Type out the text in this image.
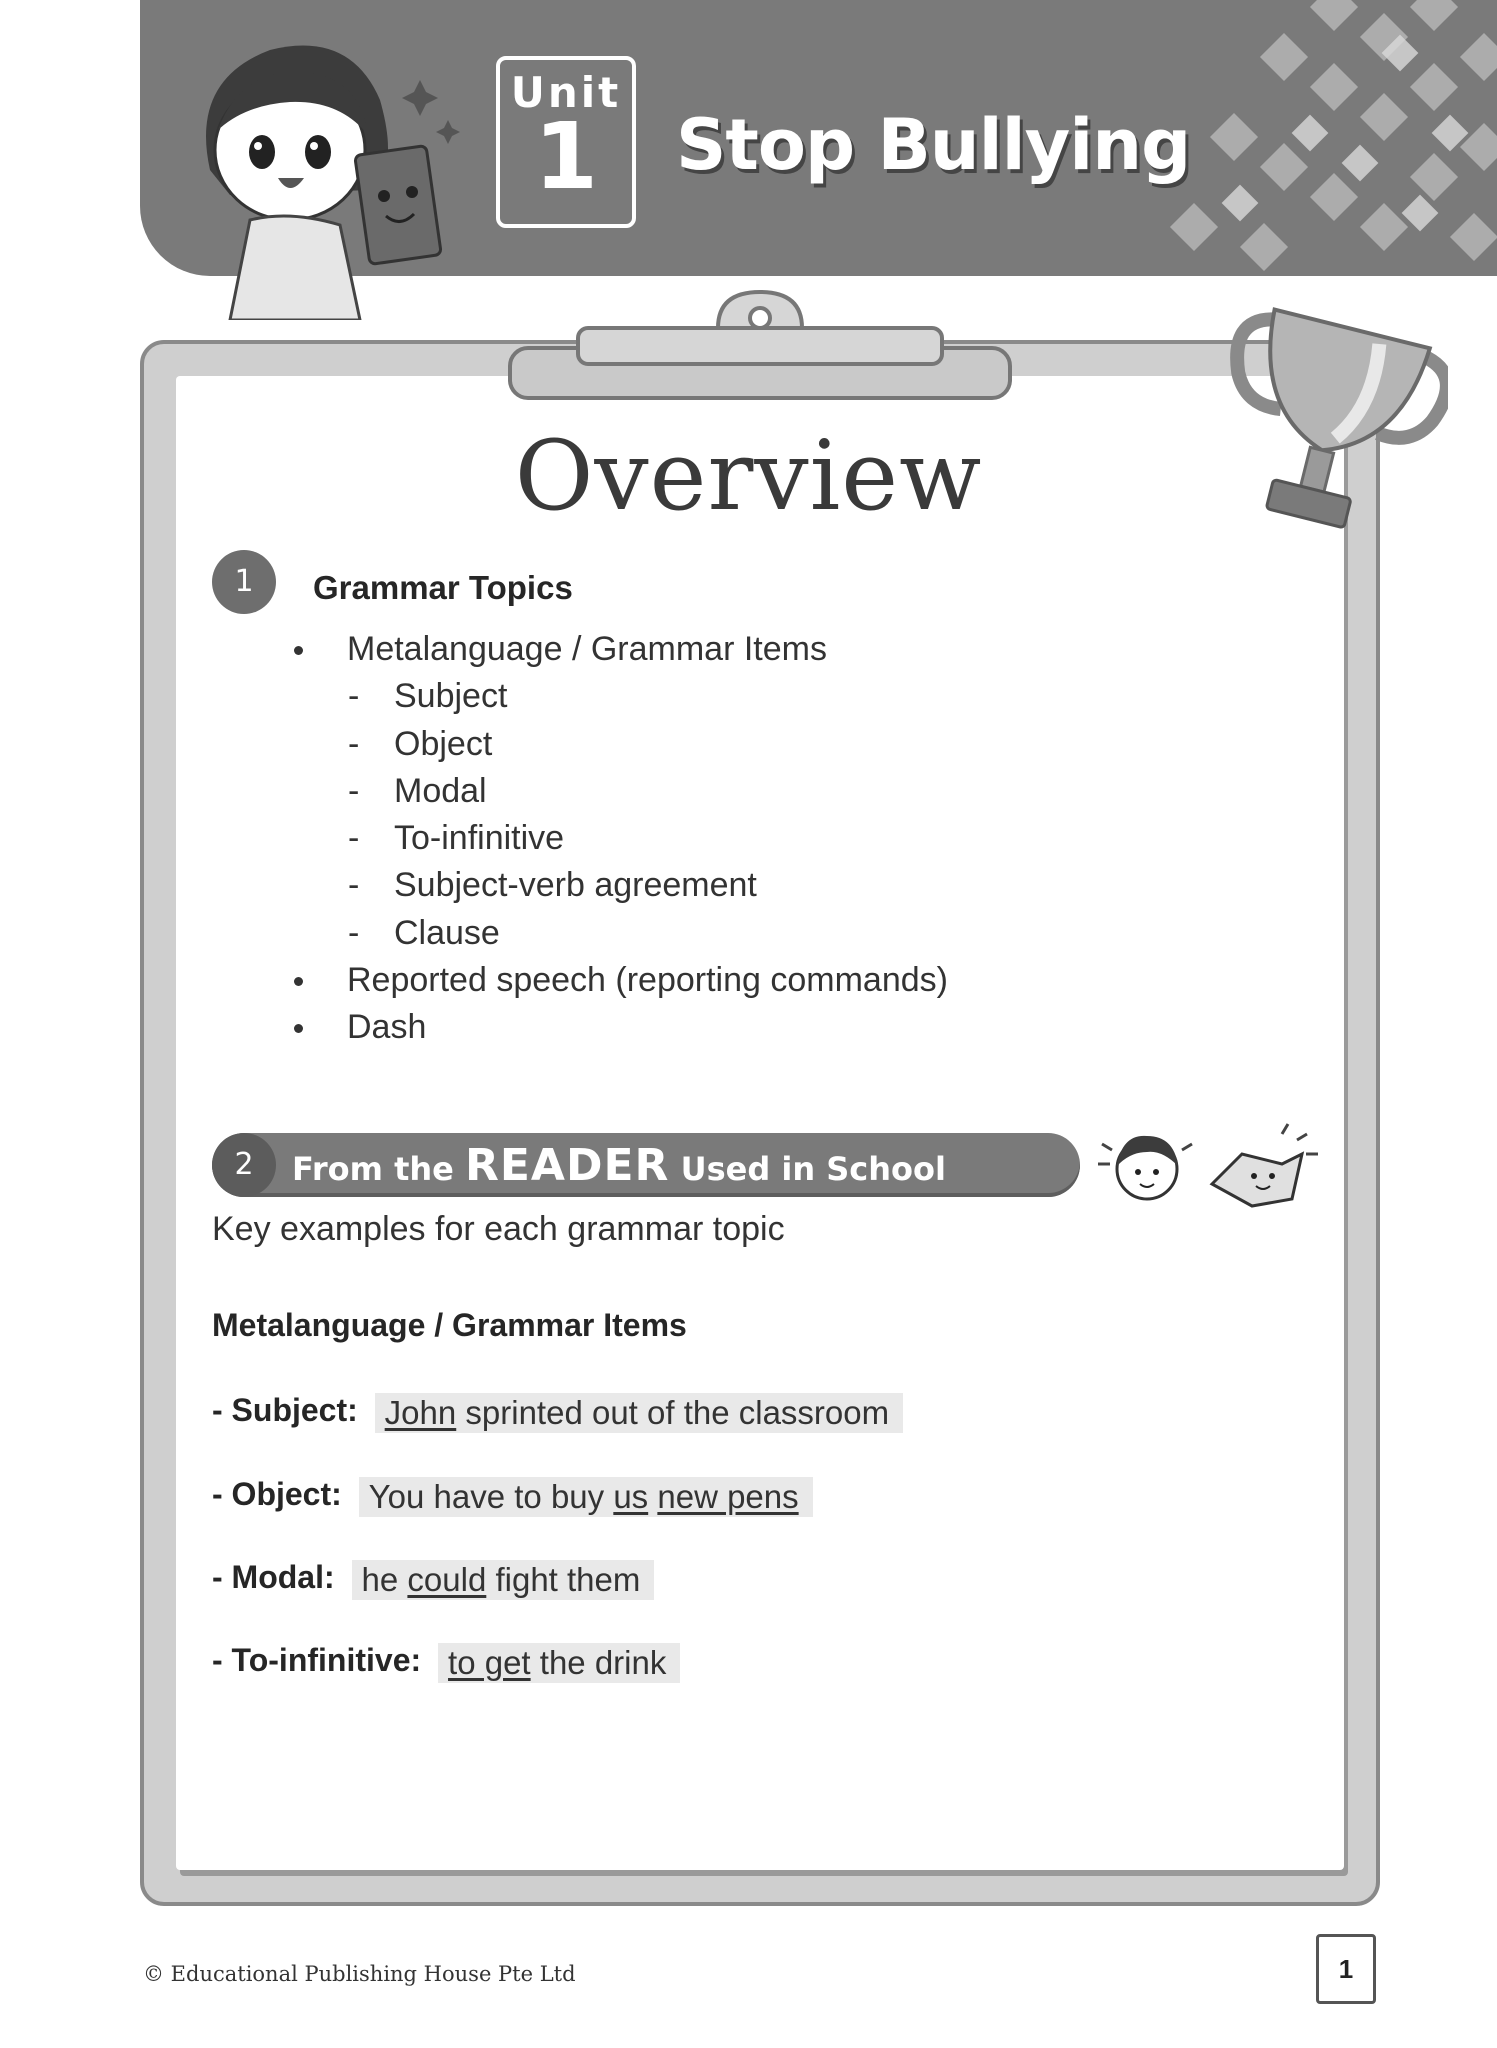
Unit
1	Stop Bullying
Overview
1	Grammar Topics
Metalanguage / Grammar Items
- Subject
- Object
- Modal
- To-infinitive
- Subject-verb agreement
- Clause
Reported speech (reporting commands)
Dash
2	From the READER Used in School
Key examples for each grammar topic
Metalanguage / Grammar Items
- Subject: John sprinted out of the classroom
- Object: You have to buy us new pens
- Modal: he could fight them
- To-infinitive: to get the drink
© Educational Publishing House Pte Ltd	1
